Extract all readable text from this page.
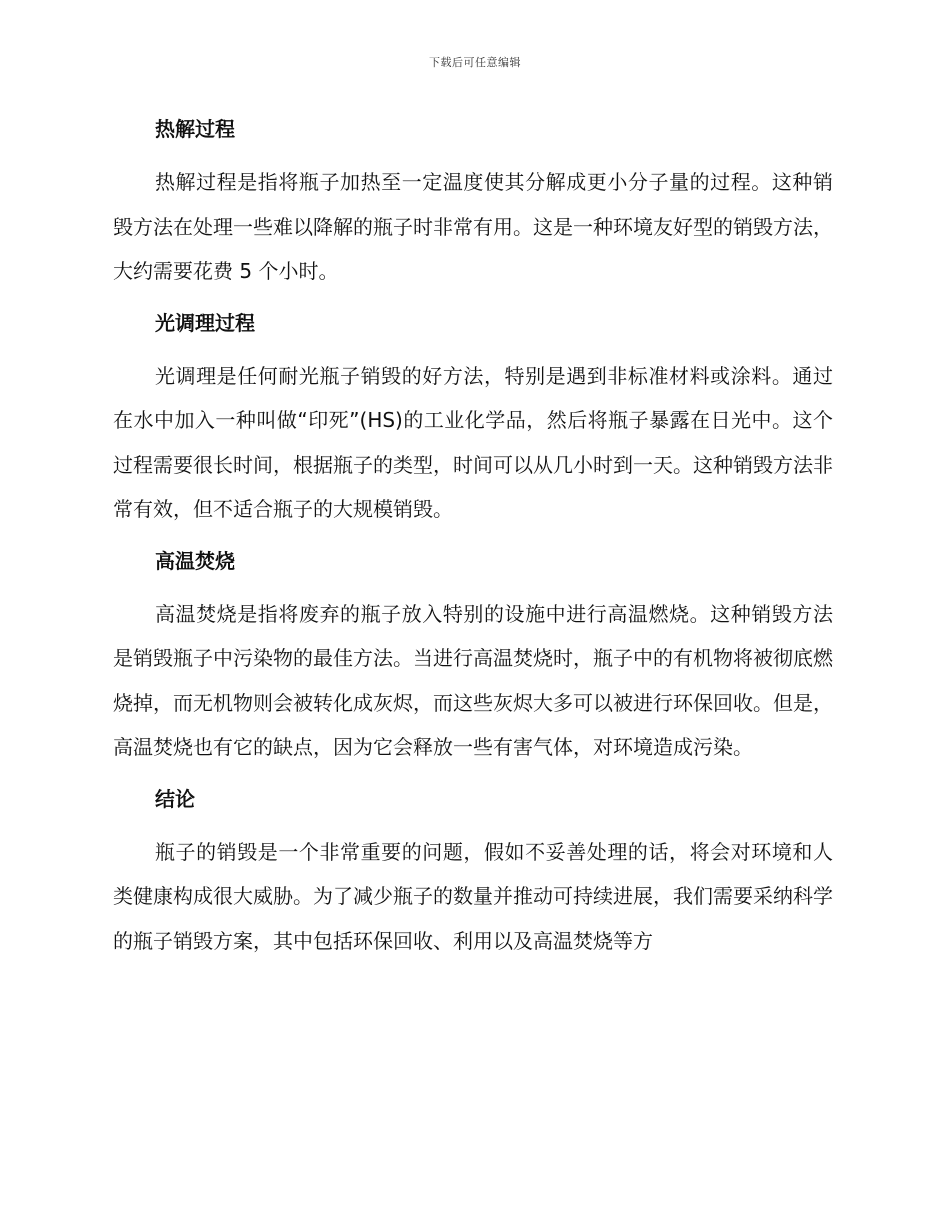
下载后可任意编辑
热解过程

热解过程是指将瓶子加热至一定温度使其分解成更小分子量的过程。这种销毁方法在处理一些难以降解的瓶子时非常有用。这是一种环境友好型的销毁方法，大约需要花费 5 个小时。

光调理过程

光调理是任何耐光瓶子销毁的好方法，特别是遇到非标准材料或涂料。通过在水中加入一种叫做“印死”(HS)的工业化学品，然后将瓶子暴露在日光中。这个过程需要很长时间，根据瓶子的类型，时间可以从几小时到一天。这种销毁方法非常有效，但不适合瓶子的大规模销毁。

高温焚烧

高温焚烧是指将废弃的瓶子放入特别的设施中进行高温燃烧。这种销毁方法是销毁瓶子中污染物的最佳方法。当进行高温焚烧时，瓶子中的有机物将被彻底燃烧掉，而无机物则会被转化成灰烬，而这些灰烬大多可以被进行环保回收。但是，高温焚烧也有它的缺点，因为它会释放一些有害气体，对环境造成污染。

结论

瓶子的销毁是一个非常重要的问题，假如不妥善处理的话，将会对环境和人类健康构成很大威胁。为了减少瓶子的数量并推动可持续进展，我们需要采纳科学的瓶子销毁方案，其中包括环保回收、利用以及高温焚烧等方
